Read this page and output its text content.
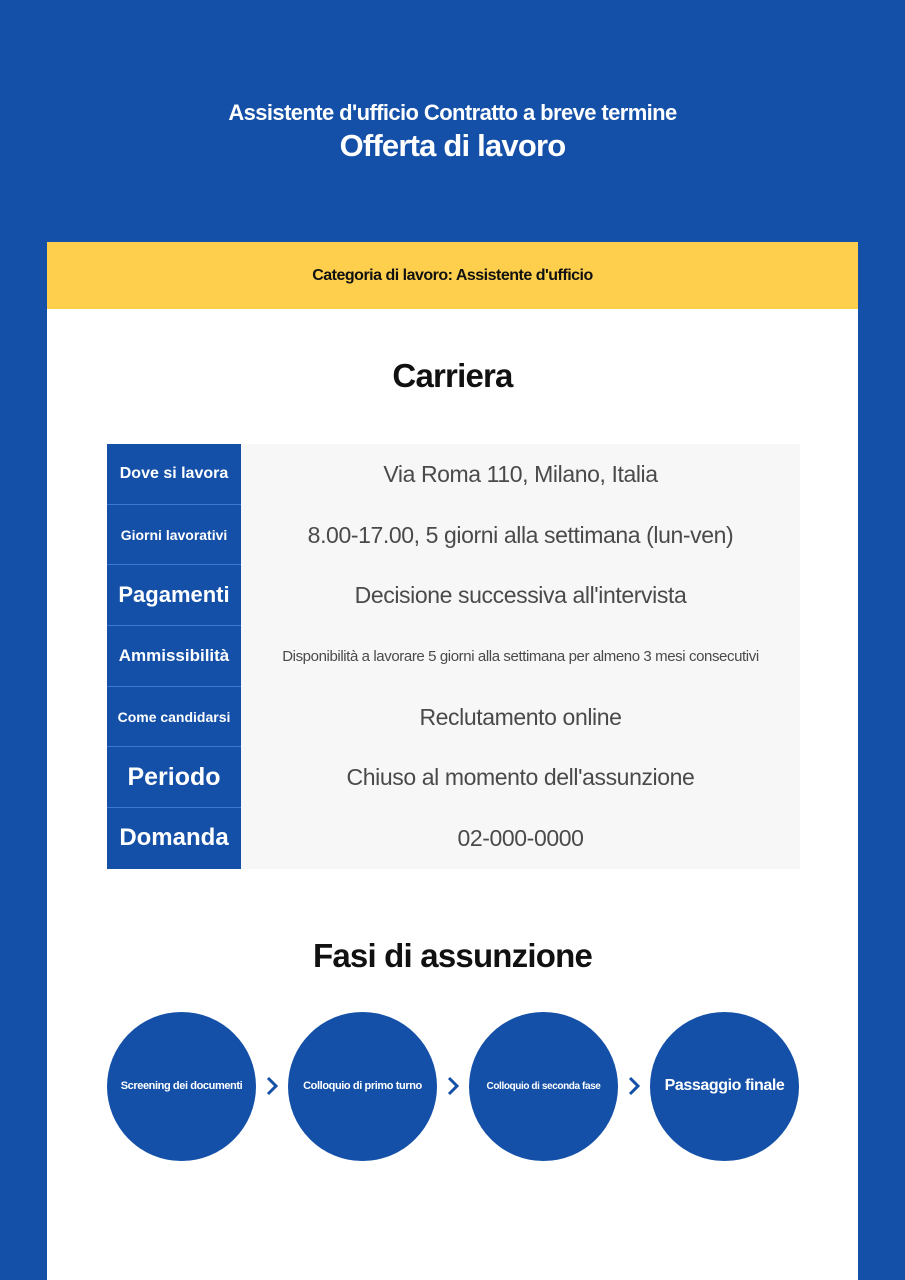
Assistente d'ufficio Contratto a breve termine
Offerta di lavoro
Categoria di lavoro: Assistente d'ufficio
Carriera
Dove si lavora	Via Roma 110, Milano, Italia
Giorni lavorativi	8.00-17.00, 5 giorni alla settimana (lun-ven)
Pagamenti	Decisione successiva all'intervista
Ammissibilità	Disponibilità a lavorare 5 giorni alla settimana per almeno 3 mesi consecutivi
Come candidarsi	Reclutamento online
Periodo	Chiuso al momento dell'assunzione
Domanda	02-000-0000
Fasi di assunzione
Screening dei documenti	Colloquio di primo turno	Colloquio di seconda fase	Passaggio finale
